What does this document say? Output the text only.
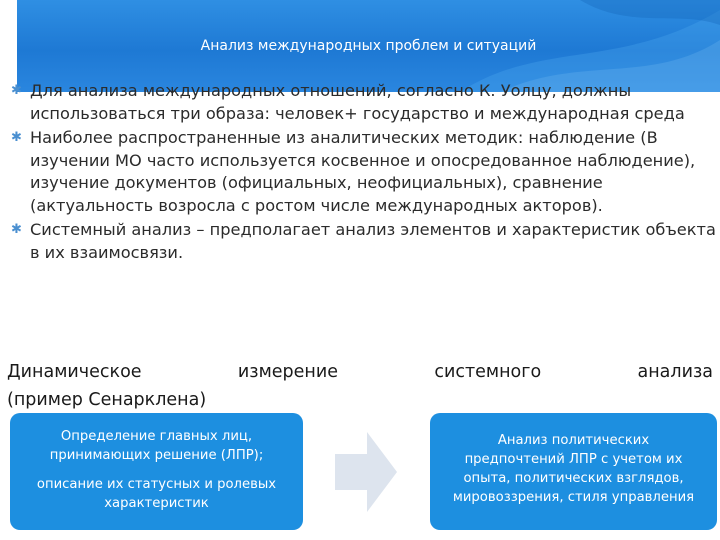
Анализ международных проблем и ситуаций

✱ Для анализа международных отношений, согласно К. Уолцу, должны использоваться три образа: человек+ государство и международная среда

✱ Наиболее распространенные из аналитических методик: наблюдение (В изучении МО часто используется косвенное и опосредованное наблюдение), изучение документов (официальных, неофициальных), сравнение (актуальность возросла с ростом числе международных акторов).

✱ Системный анализ – предполагает анализ элементов и характеристик объекта в их взаимосвязи.

Динамическое	измерение	системного	анализа
(пример Сенарклена)
Определение главных лиц,
принимающих решение (ЛПР);
описание их статусных и ролевых
характеристик
Анализ политических
предпочтений ЛПР с учетом их
опыта, политических взглядов,
мировоззрения, стиля управления
